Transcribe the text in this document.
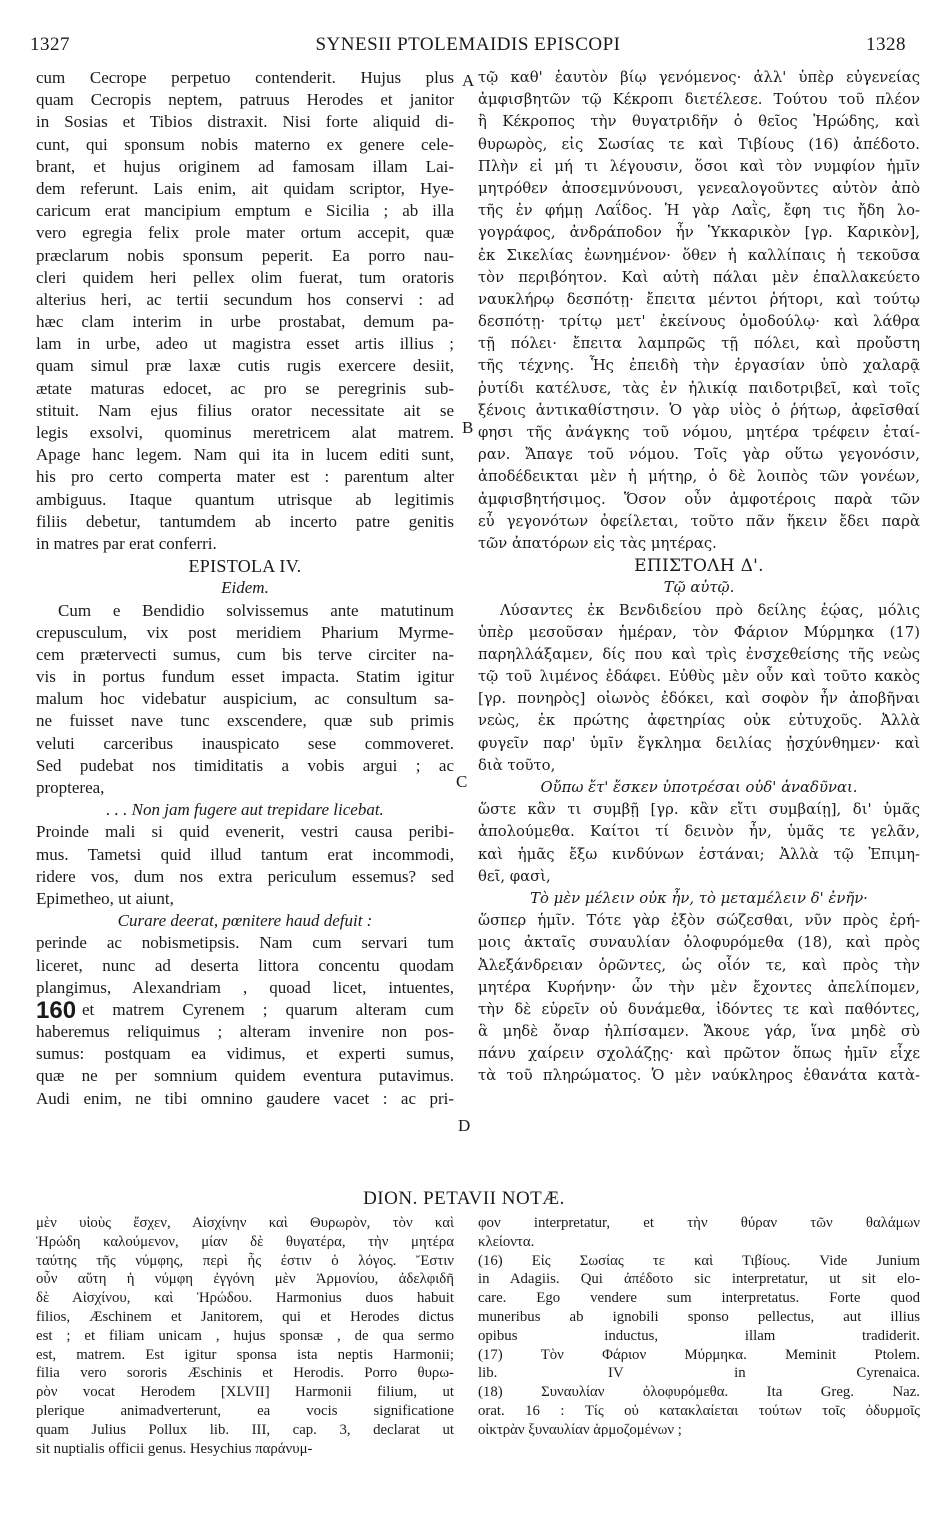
1327	SYNESII PTOLEMAIDIS EPISCOPI	1328
cum Cecrope perpetuo contenderit. Hujus plus
quam Cecropis neptem, patruus Herodes et janitor
in Sosias et Tibios distraxit. Nisi forte aliquid di-
cunt, qui sponsum nobis materno ex genere cele-
brant, et hujus originem ad famosam illam Lai-
dem referunt. Lais enim, ait quidam scriptor, Hye-
caricum erat mancipium emptum e Sicilia ; ab illa
vero egregia felix prole mater ortum accepit, quæ
præclarum nobis sponsum peperit. Ea porro nau-
cleri quidem heri pellex olim fuerat, tum oratoris
alterius heri, ac tertii secundum hos conservi : ad
hæc clam interim in urbe prostabat, demum pa-
lam in urbe, adeo ut magistra esset artis illius ;
quam simul præ laxæ cutis rugis exercere desiit,
ætate maturas edocet, ac pro se peregrinis sub-
stituit. Nam ejus filius orator necessitate ait se
legis exsolvi, quominus meretricem alat matrem.
Apage hanc legem. Nam qui ita in lucem editi sunt,
his pro certo comperta mater est : parentum alter
ambiguus. Itaque quantum utrisque ab legitimis
filiis debetur, tantumdem ab incerto patre genitis
in matres par erat conferri.
EPISTOLA IV.
Eidem.
Cum e Bendidio solvissemus ante matutinum
crepusculum, vix post meridiem Pharium Myrme-
cem prætervecti sumus, cum bis terve circiter na-
vis in portus fundum esset impacta. Statim igitur
malum hoc videbatur auspicium, ac consultum sa-
ne fuisset nave tunc exscendere, quæ sub primis
veluti carceribus inauspicato sese commoveret.
Sed pudebat nos timiditatis a vobis argui ; ac
propterea,
. . . Non jam fugere aut trepidare licebat.
Proinde mali si quid evenerit, vestri causa peribi-
mus. Tametsi quid illud tantum erat incommodi,
ridere vos, dum nos extra periculum essemus? sed
Epimetheo, ut aiunt,
Curare deerat, pœnitere haud defuit :
perinde ac nobismetipsis. Nam cum servari tum
liceret, nunc ad deserta littora concentu quodam
plangimus, Alexandriam , quoad licet, intuentes,
et matrem Cyrenem ; quarum alteram cum
haberemus reliquimus ; alteram invenire non pos-
sumus: postquam ea vidimus, et experti sumus,
quæ ne per somnium quidem eventura putavimus.
Audi enim, ne tibi omnino gaudere vacet : ac pri-
τῷ καθ' ἑαυτὸν βίῳ γενόμενος· ἀλλ' ὑπὲρ εὐγενείας
ἀμφισβητῶν τῷ Κέκροπι διετέλεσε. Τούτου τοῦ πλέον
ἢ Κέκροπος τὴν θυγατριδῆν ὁ θεῖος Ἡρώδης, καὶ
θυρωρὸς, εἰς Σωσίας τε καὶ Τιβίους (16) ἀπέδοτο.
Πλὴν εἰ μή τι λέγουσιν, ὅσοι καὶ τὸν νυμφίον ἡμῖν
μητρόθεν ἀποσεμνύνουσι, γενεαλογοῦντες αὐτὸν ἀπὸ
τῆς ἐν φήμῃ Λαΐδος. Ἡ γὰρ Λαῒς, ἔφη τις ἤδη λο-
γογράφος, ἀνδράποδον ἦν Ὑκκαρικὸν [γρ. Καρικὸν],
ἐκ Σικελίας ἐωνημένον· ὅθεν ἡ καλλίπαις ἡ τεκοῦσα
τὸν περιβόητον. Καὶ αὐτὴ πάλαι μὲν ἐπαλλακεύετο
ναυκλήρῳ δεσπότῃ· ἔπειτα μέντοι ῥήτορι, καὶ τούτῳ
δεσπότῃ· τρίτῳ μετ' ἐκείνους ὁμοδούλῳ· καὶ λάθρα
τῇ πόλει· ἔπειτα λαμπρῶς τῇ πόλει, καὶ προὔστη
τῆς τέχνης. Ἧς ἐπειδὴ τὴν ἐργασίαν ὑπὸ χαλαρᾷ
ῥυτίδι κατέλυσε, τὰς ἐν ἡλικίᾳ παιδοτριβεῖ, καὶ τοῖς
ξένοις ἀντικαθίστησιν. Ὁ γὰρ υἱὸς ὁ ῥήτωρ, ἀφεῖσθαί
φησι τῆς ἀνάγκης τοῦ νόμου, μητέρα τρέφειν ἑταί-
ραν. Ἄπαγε τοῦ νόμου. Τοῖς γὰρ οὕτω γεγονόσιν,
ἀποδέδεικται μὲν ἡ μήτηρ, ὁ δὲ λοιπὸς τῶν γονέων,
ἀμφισβητήσιμος. Ὅσον οὖν ἀμφοτέροις παρὰ τῶν
εὖ γεγονότων ὀφείλεται, τοῦτο πᾶν ἥκειν ἔδει παρὰ
τῶν ἀπατόρων εἰς τὰς μητέρας.
ΕΠΙΣΤΟΛΗ Δ'.
Τῷ αὐτῷ.
Λύσαντες ἐκ Βενδιδείου πρὸ δείλης ἑῴας, μόλις
ὑπὲρ μεσοῦσαν ἡμέραν, τὸν Φάριον Μύρμηκα (17)
παρηλλάξαμεν, δίς που καὶ τρὶς ἐνσχεθείσης τῆς νεὼς
τῷ τοῦ λιμένος ἐδάφει. Εὐθὺς μὲν οὖν καὶ τοῦτο κακὸς
[γρ. πονηρὸς] οἰωνὸς ἐδόκει, καὶ σοφὸν ἦν ἀποβῆναι
νεὼς, ἐκ πρώτης ἀφετηρίας οὐκ εὐτυχοῦς. Ἀλλὰ
φυγεῖν παρ' ὑμῖν ἔγκλημα δειλίας ᾐσχύνθημεν· καὶ
διὰ τοῦτο,
Οὔπω ἔτ' ἔσκεν ὑποτρέσαι οὐδ' ἀναδῦναι.
ὥστε κἂν τι συμβῇ [γρ. κἂν εἴτι συμβαίῃ], δι' ὑμᾶς
ἀπολούμεθα. Καίτοι τί δεινὸν ἦν, ὑμᾶς τε γελᾶν,
καὶ ἡμᾶς ἔξω κινδύνων ἑστάναι; Ἀλλὰ τῷ Ἐπιμη-
θεῖ, φασὶ,
Τὸ μὲν μέλειν οὐκ ἦν, τὸ μεταμέλειν δ' ἐνῆν·
ὥσπερ ἡμῖν. Τότε γὰρ ἐξὸν σώζεσθαι, νῦν πρὸς ἐρή-
μοις ἀκταῖς συναυλίαν ὀλοφυρόμεθα (18), καὶ πρὸς
Ἀλεξάνδρειαν ὁρῶντες, ὡς οἷόν τε, καὶ πρὸς τὴν
μητέρα Κυρήνην· ὧν τὴν μὲν ἔχοντες ἀπελίπομεν,
τὴν δὲ εὑρεῖν οὐ δυνάμεθα, ἰδόντες τε καὶ παθόντες,
ἃ μηδὲ ὄναρ ἠλπίσαμεν. Ἄκουε γάρ, ἵνα μηδὲ σὺ
πάνυ χαίρειν σχολάζῃς· καὶ πρῶτον ὅπως ἡμῖν εἶχε
τὰ τοῦ πληρώματος. Ὁ μὲν ναύκληρος ἐθανάτα κατὰ-
A
B
C
D
DION. PETAVII NOTÆ.
μὲν υἱοὺς ἔσχεν, Αἰσχίνην καὶ Θυρωρὸν, τὸν καὶ
Ἡρώδη καλούμενον, μίαν δὲ θυγατέρα, τὴν μητέρα
ταύτης τῆς νύμφης, περὶ ἧς ἐστιν ὁ λόγος. Ἔστιν
οὖν αὕτη ἡ νύμφη ἐγγόνη μὲν Ἁρμονίου, ἀδελφιδῆ
δὲ Αἰσχίνου, καὶ Ἡρώδου. Harmonius duos habuit
filios, Æschinem et Janitorem, qui et Herodes dictus
est ; et filiam unicam , hujus sponsæ , de qua sermo
est, matrem. Est igitur sponsa ista neptis Harmonii;
filia vero sororis Æschinis et Herodis. Porro θυρω-
ρὸν vocat Herodem [XLVII] Harmonii filium, ut
plerique animadverterunt, ea vocis significatione
quam Julius Pollux lib. III, cap. 3, declarat ut
sit nuptialis officii genus. Hesychius παράνυμ-
φον interpretatur, et τὴν θύραν τῶν θαλάμων
κλείοντα.
(16) Εἰς Σωσίας τε καὶ Τιβίους. Vide Junium
in Adagiis. Qui ἀπέδοτο sic interpretatur, ut sit elo-
care. Ego vendere sum interpretatus. Forte quod
muneribus ab ignobili sponso pellectus, aut illius
opibus inductus, illam tradiderit.
(17) Τὸν Φάριον Μύρμηκα. Meminit Ptolem.
lib. IV in Cyrenaica.
(18) Συναυλίαν ὀλοφυρόμεθα. Ita Greg. Naz.
orat. 16 : Τίς οὐ κατακλαίεται τούτων τοῖς ὀδυρμοῖς
οἰκτρὰν ξυναυλίαν ἁρμοζομένων ;
160
